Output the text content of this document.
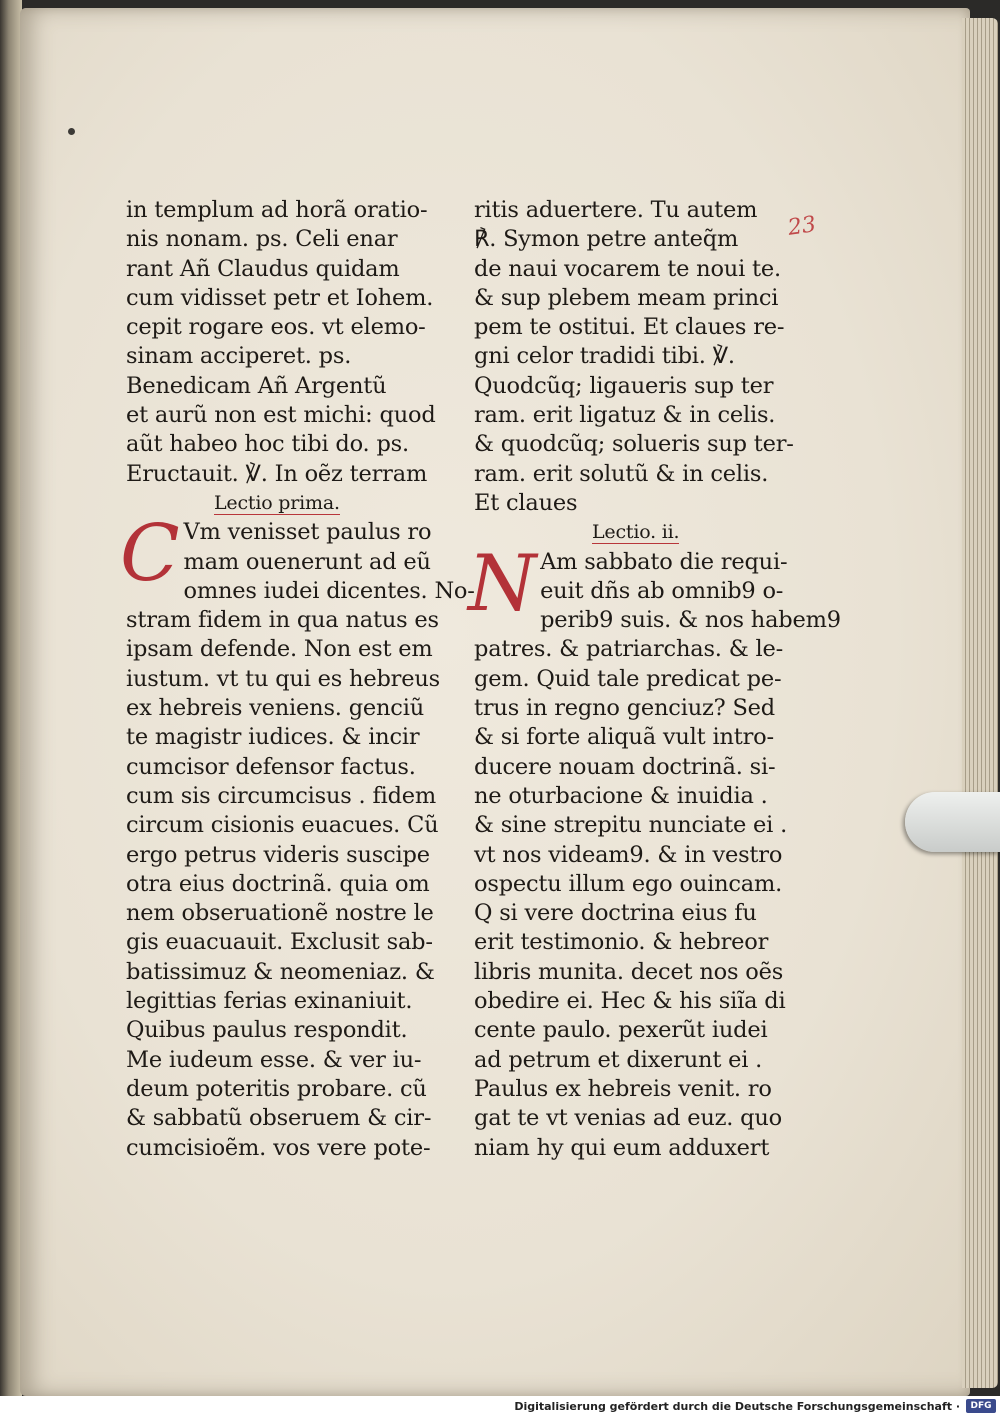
23
in templum ad horã oratio-
nis nonam. ps. Celi enar
rant Añ Claudus quidam
cum vidisset petr et Iohem.
cepit rogare eos. vt elemo-
sinam acciperet. ps.
Benedicam Añ Argentũ
et aurũ non est michi: quod
aũt habeo hoc tibi do. ps.
Eructauit. ℣. In oẽz terram
Lectio prima.
C Vm venisset paulus ro
mam ouenerunt ad eũ
omnes iudei dicentes. No-
stram fidem in qua natus es
ipsam defende. Non est em
iustum. vt tu qui es hebreus
ex hebreis veniens. genciũ
te magistr iudices. & incir
cumcisor defensor factus.
cum sis circumcisus . fidem
circum cisionis euacues. Cũ
ergo petrus videris suscipe
otra eius doctrinã. quia om
nem obseruationẽ nostre le
gis euacuauit. Exclusit sab-
batissimuz & neomeniaz. &
legittias ferias exinaniuit.
Quibus paulus respondit.
Me iudeum esse. & ver iu-
deum poteritis probare. cũ
& sabbatũ obseruem & cir-
cumcisioẽm. vos vere pote-
ritis aduertere. Tu autem
℟. Symon petre anteq̃m
de naui vocarem te noui te.
& sup plebem meam princi
pem te ostitui. Et claues re-
gni celor tradidi tibi. ℣.
Quodcũq; ligaueris sup ter
ram. erit ligatuz & in celis.
& quodcũq; solueris sup ter-
ram. erit solutũ & in celis.
Et claues
Lectio. ii.
N Am sabbato die requi-
euit dñs ab omnib9 o-
perib9 suis. & nos habem9
patres. & patriarchas. & le-
gem. Quid tale predicat pe-
trus in regno genciuz? Sed
& si forte aliquã vult intro-
ducere nouam doctrinã. si-
ne oturbacione & inuidia .
& sine strepitu nunciate ei .
vt nos videam9. & in vestro
ospectu illum ego ouincam.
Q si vere doctrina eius fu
erit testimonio. & hebreor
libris munita. decet nos oẽs
obedire ei. Hec & his siĩa di
cente paulo. pexerũt iudei
ad petrum et dixerunt ei .
Paulus ex hebreis venit. ro
gat te vt venias ad euz. quo
niam hy qui eum adduxert
Digitalisierung gefördert durch die Deutsche Forschungsgemeinschaft ·	DFG
